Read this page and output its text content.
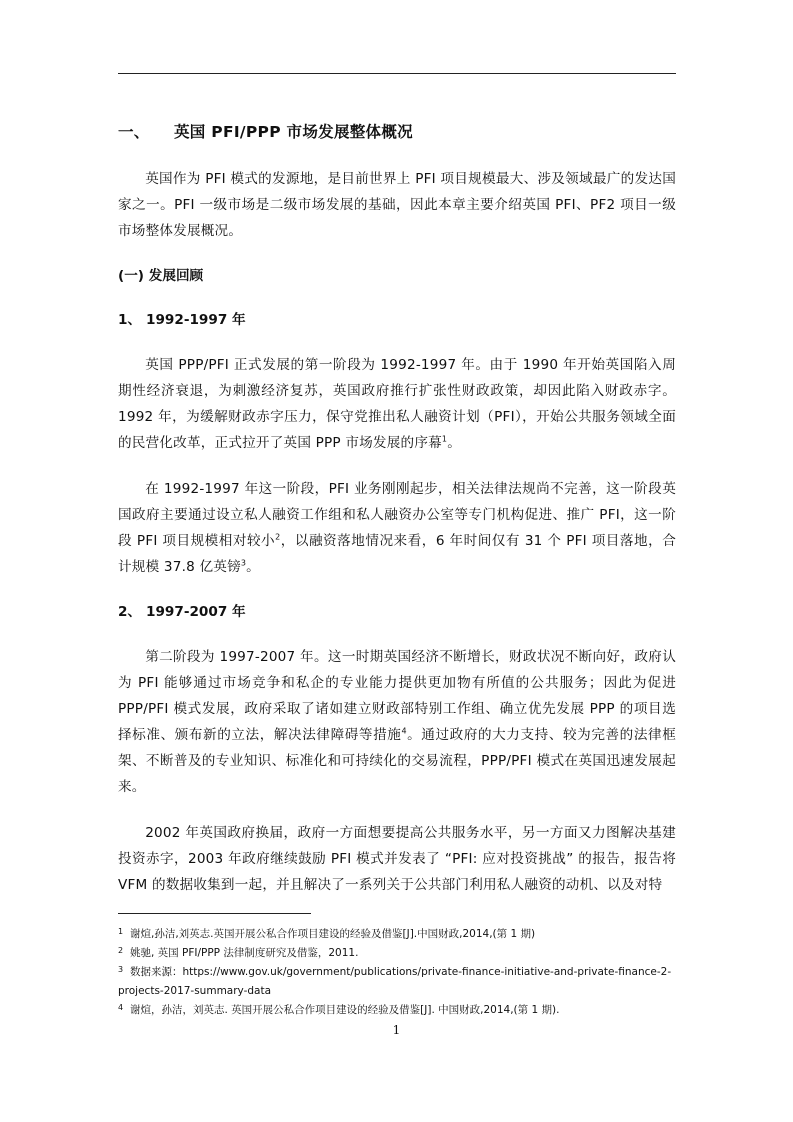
一、 英国 PFI/PPP 市场发展整体概况

英国作为 PFI 模式的发源地，是目前世界上 PFI 项目规模最大、涉及领域最广的发达国家之一。PFI 一级市场是二级市场发展的基础，因此本章主要介绍英国 PFI、PF2 项目一级市场整体发展概况。

(一) 发展回顾
1、 1992-1997 年

英国 PPP/PFI 正式发展的第一阶段为 1992-1997 年。由于 1990 年开始英国陷入周期性经济衰退，为刺激经济复苏，英国政府推行扩张性财政政策，却因此陷入财政赤字。1992 年，为缓解财政赤字压力，保守党推出私人融资计划（PFI），开始公共服务领域全面的民营化改革，正式拉开了英国 PPP 市场发展的序幕$^1$。

在 1992-1997 年这一阶段，PFI 业务刚刚起步，相关法律法规尚不完善，这一阶段英国政府主要通过设立私人融资工作组和私人融资办公室等专门机构促进、推广 PFI，这一阶段 PFI 项目规模相对较小$^2$，以融资落地情况来看，6 年时间仅有 31 个 PFI 项目落地，合计规模 37.8 亿英镑$^3$。

2、 1997-2007 年

第二阶段为 1997-2007 年。这一时期英国经济不断增长，财政状况不断向好，政府认为 PFI 能够通过市场竞争和私企的专业能力提供更加物有所值的公共服务；因此为促进 PPP/PFI 模式发展，政府采取了诸如建立财政部特别工作组、确立优先发展 PPP 的项目选择标准、颁布新的立法，解决法律障碍等措施$^4$。通过政府的大力支持、较为完善的法律框架、不断普及的专业知识、标准化和可持续化的交易流程，PPP/PFI 模式在英国迅速发展起来。

2002 年英国政府换届，政府一方面想要提高公共服务水平，另一方面又力图解决基建投资赤字，2003 年政府继续鼓励 PFI 模式并发表了 “PFI: 应对投资挑战” 的报告，报告将 VFM 的数据收集到一起，并且解决了一系列关于公共部门利用私人融资的动机、以及对特

1 谢煊,孙洁,刘英志.英国开展公私合作项目建设的经验及借鉴[J].中国财政,2014,(第 1 期)

2 姚驰, 英国 PFI/PPP 法律制度研究及借鉴，2011.

3 数据来源：https://www.gov.uk/government/publications/private-finance-initiative-and-private-finance-2-projects-2017-summary-data

4 谢煊，孙洁，刘英志. 英国开展公私合作项目建设的经验及借鉴[J]. 中国财政,2014,(第 1 期).

1
